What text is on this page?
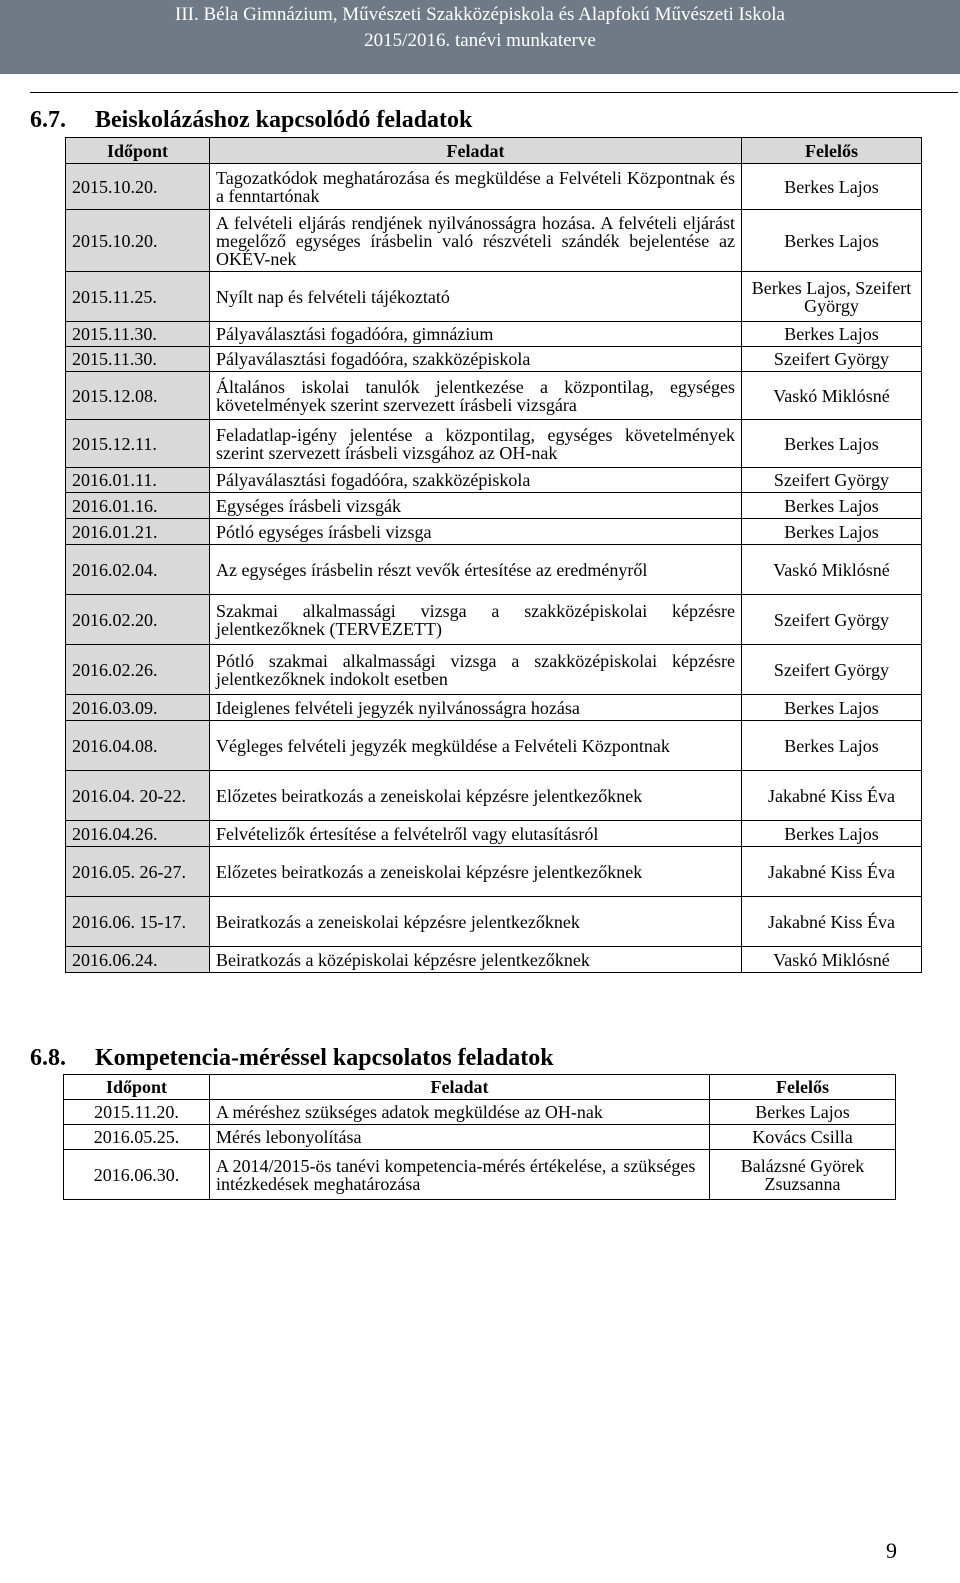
III. Béla Gimnázium, Művészeti Szakközépiskola és Alapfokú Művészeti Iskola
2015/2016. tanévi munkaterve
6.7. Beiskolázáshoz kapcsolódó feladatok
Időpont	Feladat	Felelős
2015.10.20.	Tagozatkódok meghatározása és megküldése a Felvételi Központnak és a fenntartónak	Berkes Lajos
2015.10.20.	A felvételi eljárás rendjének nyilvánosságra hozása. A felvételi eljárást megelőző egységes írásbelin való részvételi szándék bejelentése az OKÉV-nek	Berkes Lajos
2015.11.25.	Nyílt nap és felvételi tájékoztató	Berkes Lajos, Szeifert György
2015.11.30.	Pályaválasztási fogadóóra, gimnázium	Berkes Lajos
2015.11.30.	Pályaválasztási fogadóóra, szakközépiskola	Szeifert György
2015.12.08.	Általános iskolai tanulók jelentkezése a központilag, egységes követelmények szerint szervezett írásbeli vizsgára	Vaskó Miklósné
2015.12.11.	Feladatlap-igény jelentése a központilag, egységes követelmények szerint szervezett írásbeli vizsgához az OH-nak	Berkes Lajos
2016.01.11.	Pályaválasztási fogadóóra, szakközépiskola	Szeifert György
2016.01.16.	Egységes írásbeli vizsgák	Berkes Lajos
2016.01.21.	Pótló egységes írásbeli vizsga	Berkes Lajos
2016.02.04.	Az egységes írásbelin részt vevők értesítése az eredményről	Vaskó Miklósné
2016.02.20.	Szakmai alkalmassági vizsga a szakközépiskolai képzésre jelentkezőknek (TERVEZETT)	Szeifert György
2016.02.26.	Pótló szakmai alkalmassági vizsga a szakközépiskolai képzésre jelentkezőknek indokolt esetben	Szeifert György
2016.03.09.	Ideiglenes felvételi jegyzék nyilvánosságra hozása	Berkes Lajos
2016.04.08.	Végleges felvételi jegyzék megküldése a Felvételi Központnak	Berkes Lajos
2016.04. 20-22.	Előzetes beiratkozás a zeneiskolai képzésre jelentkezőknek	Jakabné Kiss Éva
2016.04.26.	Felvételizők értesítése a felvételről vagy elutasításról	Berkes Lajos
2016.05. 26-27.	Előzetes beiratkozás a zeneiskolai képzésre jelentkezőknek	Jakabné Kiss Éva
2016.06. 15-17.	Beiratkozás a zeneiskolai képzésre jelentkezőknek	Jakabné Kiss Éva
2016.06.24.	Beiratkozás a középiskolai képzésre jelentkezőknek	Vaskó Miklósné
6.8. Kompetencia-méréssel kapcsolatos feladatok
Időpont	Feladat	Felelős
2015.11.20.	A méréshez szükséges adatok megküldése az OH-nak	Berkes Lajos
2016.05.25.	Mérés lebonyolítása	Kovács Csilla
2016.06.30.	A 2014/2015-ös tanévi kompetencia-mérés értékelése, a szükséges intézkedések meghatározása	Balázsné Györek Zsuzsanna
9
